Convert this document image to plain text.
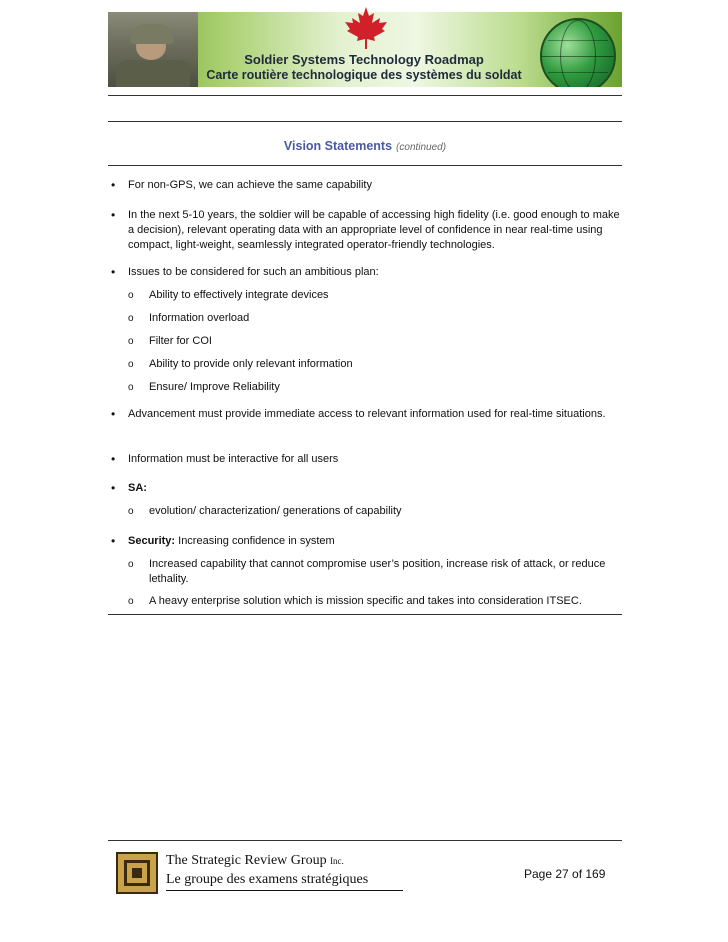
Soldier Systems Technology Roadmap
Carte routière technologique des systèmes du soldat
Vision Statements (continued)
• For non-GPS, we can achieve the same capability
• In the next 5-10 years, the soldier will be capable of accessing high fidelity (i.e. good enough to make a decision), relevant operating data with an appropriate level of confidence in near real-time using compact, light-weight, seamlessly integrated operator-friendly technologies.
• Issues to be considered for such an ambitious plan:
o Ability to effectively integrate devices
o Information overload
o Filter for COI
o Ability to provide only relevant information
o Ensure/ Improve Reliability
• Advancement must provide immediate access to relevant information used for real-time situations.
• Information must be interactive for all users
• SA:
o evolution/ characterization/ generations of capability
• Security: Increasing confidence in system
o Increased capability that cannot compromise user’s position, increase risk of attack, or reduce lethality.
o A heavy enterprise solution which is mission specific and takes into consideration ITSEC.
The Strategic Review Group Inc.
Le groupe des examens stratégiques	Page 27 of 169
